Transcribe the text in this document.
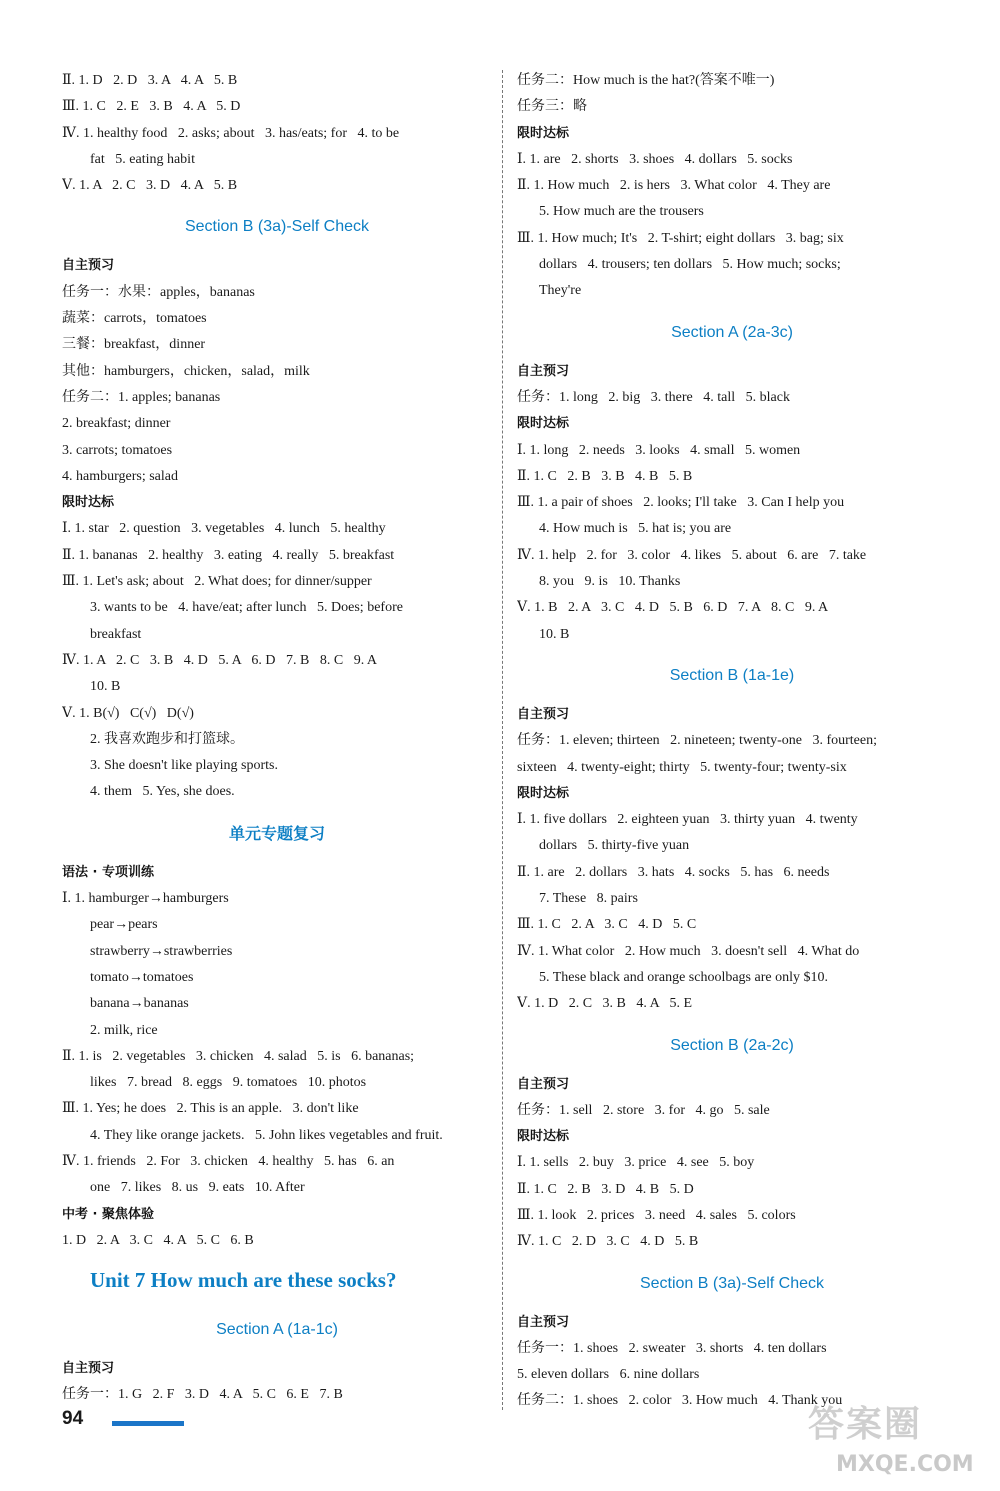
Ⅱ. 1. D   2. D   3. A   4. A   5. B
Ⅲ. 1. C   2. E   3. B   4. A   5. D
Ⅳ. 1. healthy food   2. asks; about   3. has/eats; for   4. to be
fat   5. eating habit
Ⅴ. 1. A   2. C   3. D   4. A   5. B
Section B (3a)-Self Check
自主预习
任务一：水果：apples，bananas
蔬菜：carrots，tomatoes
三餐：breakfast，dinner
其他：hamburgers，chicken，salad，milk
任务二：1. apples; bananas
2. breakfast; dinner
3. carrots; tomatoes
4. hamburgers; salad
限时达标
Ⅰ. 1. star   2. question   3. vegetables   4. lunch   5. healthy
Ⅱ. 1. bananas   2. healthy   3. eating   4. really   5. breakfast
Ⅲ. 1. Let's ask; about   2. What does; for dinner/supper
3. wants to be   4. have/eat; after lunch   5. Does; before
breakfast
Ⅳ. 1. A   2. C   3. B   4. D   5. A   6. D   7. B   8. C   9. A
10. B
Ⅴ. 1. B(√)   C(√)   D(√)
2. 我喜欢跑步和打篮球。
3. She doesn't like playing sports.
4. them   5. Yes, she does.
单元专题复习
语法 · 专项训练
Ⅰ. 1. hamburger→hamburgers
pear→pears
strawberry→strawberries
tomato→tomatoes
banana→bananas
2. milk, rice
Ⅱ. 1. is   2. vegetables   3. chicken   4. salad   5. is   6. bananas;
likes   7. bread   8. eggs   9. tomatoes   10. photos
Ⅲ. 1. Yes; he does   2. This is an apple.   3. don't like
4. They like orange jackets.   5. John likes vegetables and fruit.
Ⅳ. 1. friends   2. For   3. chicken   4. healthy   5. has   6. an
one   7. likes   8. us   9. eats   10. After
中考 · 聚焦体验
1. D   2. A   3. C   4. A   5. C   6. B
Unit 7 How much are these socks?
Section A (1a-1c)
自主预习
任务一：1. G   2. F   3. D   4. A   5. C   6. E   7. B
任务二：How much is the hat?(答案不唯一)
任务三：略
限时达标
Ⅰ. 1. are   2. shorts   3. shoes   4. dollars   5. socks
Ⅱ. 1. How much   2. is hers   3. What color   4. They are
5. How much are the trousers
Ⅲ. 1. How much; It's   2. T-shirt; eight dollars   3. bag; six
dollars   4. trousers; ten dollars   5. How much; socks;
They're
Section A (2a-3c)
自主预习
任务：1. long   2. big   3. there   4. tall   5. black
限时达标
Ⅰ. 1. long   2. needs   3. looks   4. small   5. women
Ⅱ. 1. C   2. B   3. B   4. B   5. B
Ⅲ. 1. a pair of shoes   2. looks; I'll take   3. Can I help you
4. How much is   5. hat is; you are
Ⅳ. 1. help   2. for   3. color   4. likes   5. about   6. are   7. take
8. you   9. is   10. Thanks
Ⅴ. 1. B   2. A   3. C   4. D   5. B   6. D   7. A   8. C   9. A
10. B
Section B (1a-1e)
自主预习
任务：1. eleven; thirteen   2. nineteen; twenty-one   3. fourteen;
sixteen   4. twenty-eight; thirty   5. twenty-four; twenty-six
限时达标
Ⅰ. 1. five dollars   2. eighteen yuan   3. thirty yuan   4. twenty
dollars   5. thirty-five yuan
Ⅱ. 1. are   2. dollars   3. hats   4. socks   5. has   6. needs
7. These   8. pairs
Ⅲ. 1. C   2. A   3. C   4. D   5. C
Ⅳ. 1. What color   2. How much   3. doesn't sell   4. What do
5. These black and orange schoolbags are only $10.
Ⅴ. 1. D   2. C   3. B   4. A   5. E
Section B (2a-2c)
自主预习
任务：1. sell   2. store   3. for   4. go   5. sale
限时达标
Ⅰ. 1. sells   2. buy   3. price   4. see   5. boy
Ⅱ. 1. C   2. B   3. D   4. B   5. D
Ⅲ. 1. look   2. prices   3. need   4. sales   5. colors
Ⅳ. 1. C   2. D   3. C   4. D   5. B
Section B (3a)-Self Check
自主预习
任务一：1. shoes   2. sweater   3. shorts   4. ten dollars
5. eleven dollars   6. nine dollars
任务二：1. shoes   2. color   3. How much   4. Thank you
94	答案圈
MXQE.COM
